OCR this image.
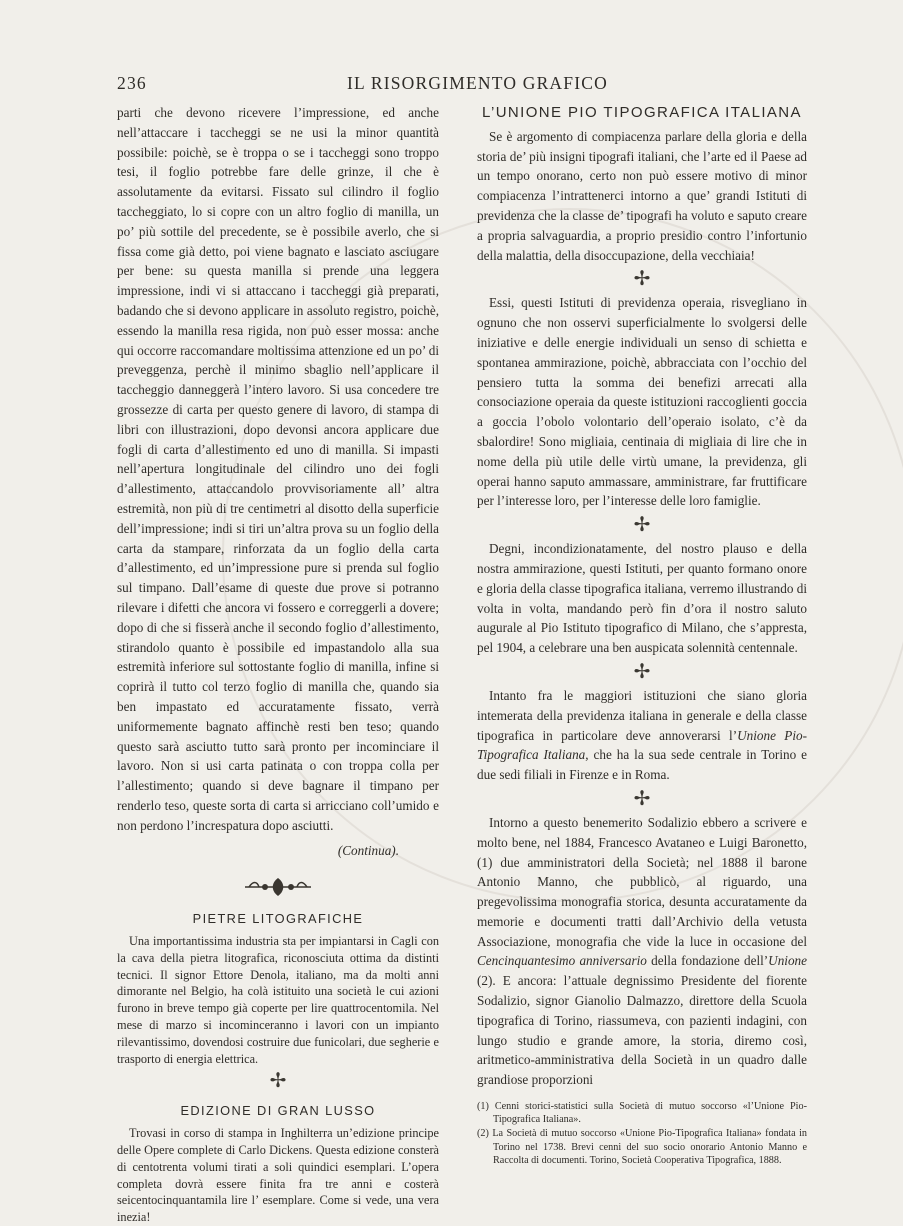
236	IL RISORGIMENTO GRAFICO

parti che devono ricevere l’impressione, ed anche nell’attaccare i taccheggi se ne usi la minor quantità possibile: poichè, se è troppa o se i taccheggi sono troppo tesi, il foglio potrebbe fare delle grinze, il che è assolutamente da evitarsi. Fissato sul cilindro il foglio taccheggiato, lo si copre con un altro foglio di manilla, un po’ più sottile del precedente, se è possibile averlo, che si fissa come già detto, poi viene bagnato e lasciato asciugare per bene: su questa manilla si prende una leggera impressione, indi vi si attaccano i taccheggi già preparati, badando che si devono applicare in assoluto registro, poichè, essendo la manilla resa rigida, non può esser mossa: anche qui occorre raccomandare moltissima attenzione ed un po’ di preveggenza, perchè il minimo sbaglio nell’applicare il taccheggio danneggerà l’intero lavoro. Si usa concedere tre grossezze di carta per questo genere di lavoro, di stampa di libri con illustrazioni, dopo devonsi ancora applicare due fogli di carta d’allestimento ed uno di manilla. Si impasti nell’apertura longitudinale del cilindro uno dei fogli d’allestimento, attaccandolo provvisoriamente all’ altra estremità, non più di tre centimetri al disotto della superficie dell’impressione; indi si tiri un’altra prova su un foglio della carta da stampare, rinforzata da un foglio della carta d’allestimento, ed un’impressione pure si prenda sul foglio sul timpano. Dall’esame di queste due prove si potranno rilevare i difetti che ancora vi fossero e correggerli a dovere; dopo di che si fisserà anche il secondo foglio d’allestimento, stirandolo quanto è possibile ed impastandolo alla sua estremità inferiore sul sottostante foglio di manilla, infine si coprirà il tutto col terzo foglio di manilla che, quando sia ben impastato ed accuratamente fissato, verrà uniformemente bagnato affinchè resti ben teso; quando questo sarà asciutto tutto sarà pronto per incominciare il lavoro. Non si usi carta patinata o con troppa colla per l’allestimento; quando si deve bagnare il timpano per renderlo teso, queste sorta di carta si arricciano coll’umido e non perdono l’increspatura dopo asciutti.

(Continua).
PIETRE LITOGRAFICHE

Una importantissima industria sta per impiantarsi in Cagli con la cava della pietra litografica, riconosciuta ottima da distinti tecnici. Il signor Ettore Denola, italiano, ma da molti anni dimorante nel Belgio, ha colà istituito una società le cui azioni furono in breve tempo già coperte per lire quattrocentomila. Nel mese di marzo si incominceranno i lavori con un impianto rilevantissimo, dovendosi costruire due funicolari, due segherie e trasporto di energia elettrica.

✢
EDIZIONE DI GRAN LUSSO

Trovasi in corso di stampa in Inghilterra un’edizione principe delle Opere complete di Carlo Dickens. Questa edizione consterà di centotrenta volumi tirati a soli quindici esemplari. L’opera completa dovrà essere finita fra tre anni e costerà seicentocinquantamila lire l’ esemplare. Come si vede, una vera inezia!

L’UNIONE PIO TIPOGRAFICA ITALIANA

Se è argomento di compiacenza parlare della gloria e della storia de’ più insigni tipografi italiani, che l’arte ed il Paese ad un tempo onorano, certo non può essere motivo di minor compiacenza l’intrattenerci intorno a que’ grandi Istituti di previdenza che la classe de’ tipografi ha voluto e saputo creare a propria salvaguardia, a proprio presidio contro l’infortunio della malattia, della disoccupazione, della vecchiaia!

✢

Essi, questi Istituti di previdenza operaia, risvegliano in ognuno che non osservi superficialmente lo svolgersi delle iniziative e delle energie individuali un senso di schietta e spontanea ammirazione, poichè, abbracciata con l’occhio del pensiero tutta la somma dei benefizi arrecati alla consociazione operaia da queste istituzioni raccoglienti goccia a goccia l’obolo volontario dell’operaio isolato, c’è da sbalordire! Sono migliaia, centinaia di migliaia di lire che in nome della più utile delle virtù umane, la previdenza, gli operai hanno saputo ammassare, amministrare, far fruttificare per l’interesse loro, per l’interesse delle loro famiglie.

✢

Degni, incondizionatamente, del nostro plauso e della nostra ammirazione, questi Istituti, per quanto formano onore e gloria della classe tipografica italiana, verremo illustrando di volta in volta, mandando però fin d’ora il nostro saluto augurale al Pio Istituto tipografico di Milano, che s’appresta, pel 1904, a celebrare una ben auspicata solennità centennale.

✢

Intanto fra le maggiori istituzioni che siano gloria intemerata della previdenza italiana in generale e della classe tipografica in particolare deve annoverarsi l’Unione Pio-Tipografica Italiana, che ha la sua sede centrale in Torino e due sedi filiali in Firenze e in Roma.

✢

Intorno a questo benemerito Sodalizio ebbero a scrivere e molto bene, nel 1884, Francesco Avataneo e Luigi Baronetto, (1) due amministratori della Società; nel 1888 il barone Antonio Manno, che pubblicò, al riguardo, una pregevolissima monografia storica, desunta accuratamente da memorie e documenti tratti dall’Archivio della vetusta Associazione, monografia che vide la luce in occasione del Cencinquantesimo anniversario della fondazione dell’Unione (2). E ancora: l’attuale degnissimo Presidente del fiorente Sodalizio, signor Gianolio Dalmazzo, direttore della Scuola tipografica di Torino, riassumeva, con pazienti indagini, con lungo studio e grande amore, la storia, diremo così, aritmetico-amministrativa della Società in un quadro dalle grandiose proporzioni

(1) Cenni storici-statistici sulla Società di mutuo soccorso «l’Unione Pio-Tipografica Italiana».

(2) La Società di mutuo soccorso «Unione Pio-Tipografica Italiana» fondata in Torino nel 1738. Brevi cenni del suo socio onorario Antonio Manno e Raccolta di documenti. Torino, Società Cooperativa Tipografica, 1888.
